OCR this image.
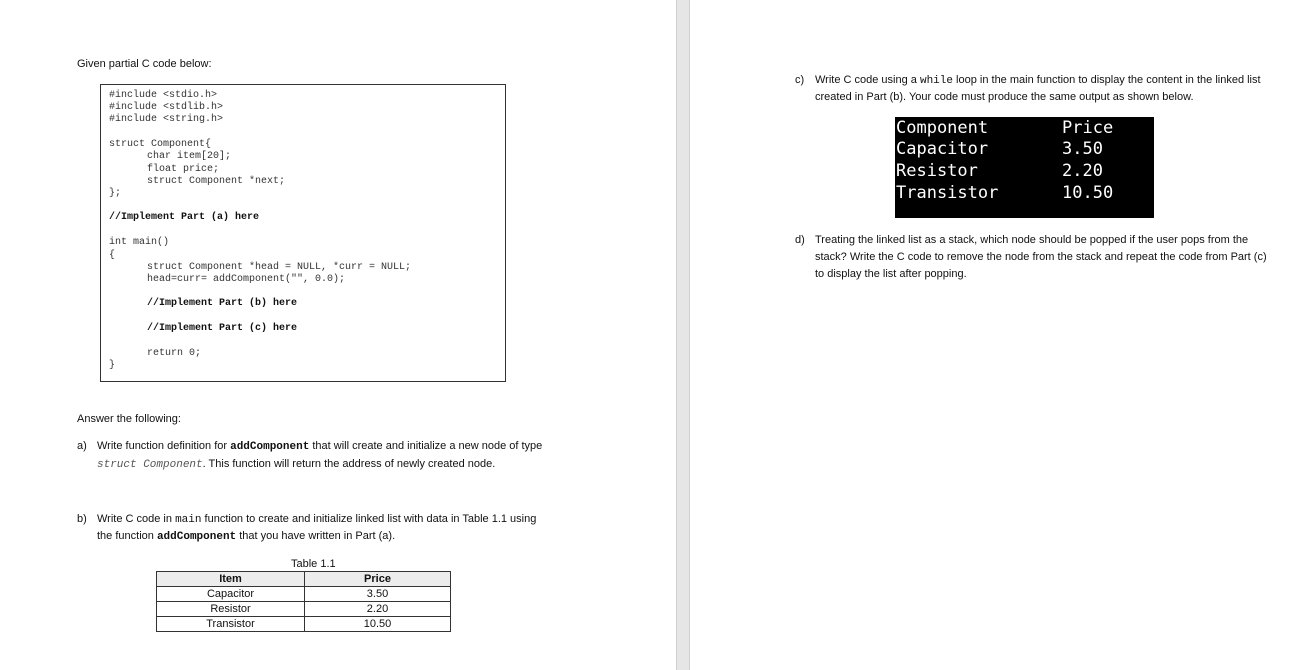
Given partial C code below:
#include <stdio.h>
#include <stdlib.h>
#include <string.h>
struct Component{
char item[20];
float price;
struct Component *next;
};
//Implement Part (a) here
int main()
{
struct Component *head = NULL, *curr = NULL;
head=curr= addComponent("", 0.0);
//Implement Part (b) here
//Implement Part (c) here
return 0;
}
Answer the following:
a) Write function definition for addComponent that will create and initialize a new node of type
struct Component. This function will return the address of newly created node.
b) Write C code in main function to create and initialize linked list with data in Table 1.1 using
the function addComponent that you have written in Part (a).
Table 1.1
Item	Price
Capacitor	3.50
Resistor	2.20
Transistor	10.50
c) Write C code using a while loop in the main function to display the content in the linked list
created in Part (b). Your code must produce the same output as shown below.
Component	Price
Capacitor	3.50
Resistor	2.20
Transistor	10.50
d) Treating the linked list as a stack, which node should be popped if the user pops from the
stack? Write the C code to remove the node from the stack and repeat the code from Part (c)
to display the list after popping.
